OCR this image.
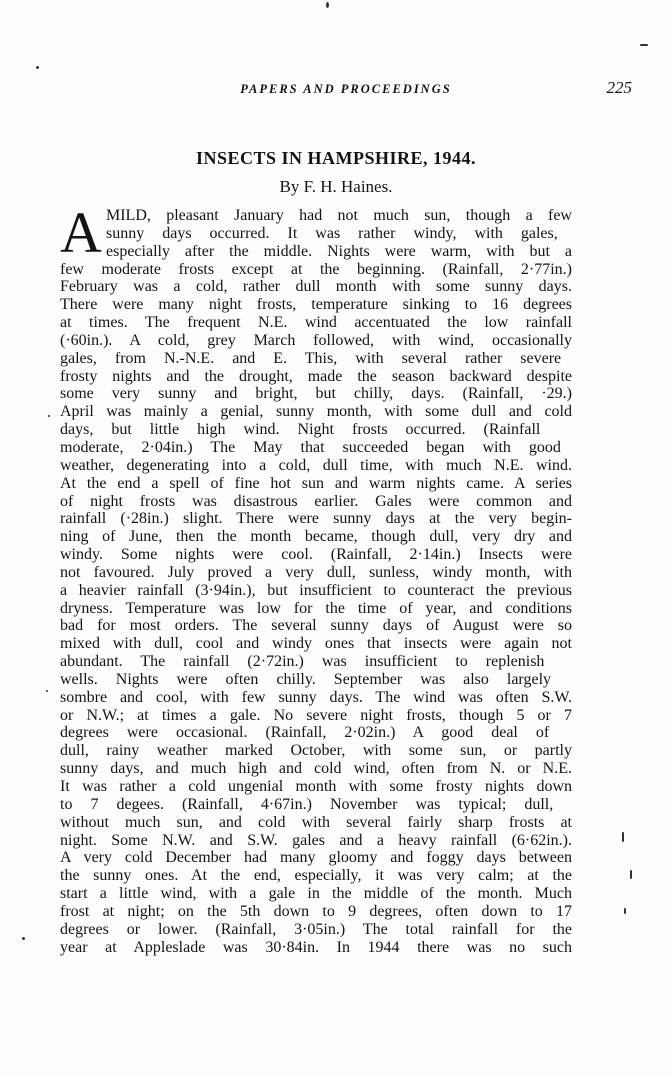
PAPERS AND PROCEEDINGS	225
INSECTS IN HAMPSHIRE, 1944.

By F. H. Haines.

A MILD, pleasant January had not much sun, though a few
sunny days occurred. It was rather windy, with gales,
especially after the middle. Nights were warm, with but a
few moderate frosts except at the beginning. (Rainfall, 2·77in.)
February was a cold, rather dull month with some sunny days.
There were many night frosts, temperature sinking to 16 degrees
at times. The frequent N.E. wind accentuated the low rainfall
(·60in.). A cold, grey March followed, with wind, occasionally
gales, from N.-N.E. and E. This, with several rather severe
frosty nights and the drought, made the season backward despite
some very sunny and bright, but chilly, days. (Rainfall, ·29.)
April was mainly a genial, sunny month, with some dull and cold
days, but little high wind. Night frosts occurred. (Rainfall
moderate, 2·04in.) The May that succeeded began with good
weather, degenerating into a cold, dull time, with much N.E. wind.
At the end a spell of fine hot sun and warm nights came. A series
of night frosts was disastrous earlier. Gales were common and
rainfall (·28in.) slight. There were sunny days at the very begin-
ning of June, then the month became, though dull, very dry and
windy. Some nights were cool. (Rainfall, 2·14in.) Insects were
not favoured. July proved a very dull, sunless, windy month, with
a heavier rainfall (3·94in.), but insufficient to counteract the previous
dryness. Temperature was low for the time of year, and conditions
bad for most orders. The several sunny days of August were so
mixed with dull, cool and windy ones that insects were again not
abundant. The rainfall (2·72in.) was insufficient to replenish
wells. Nights were often chilly. September was also largely
sombre and cool, with few sunny days. The wind was often S.W.
or N.W.; at times a gale. No severe night frosts, though 5 or 7
degrees were occasional. (Rainfall, 2·02in.) A good deal of
dull, rainy weather marked October, with some sun, or partly
sunny days, and much high and cold wind, often from N. or N.E.
It was rather a cold ungenial month with some frosty nights down
to 7 degees. (Rainfall, 4·67in.) November was typical; dull,
without much sun, and cold with several fairly sharp frosts at
night. Some N.W. and S.W. gales and a heavy rainfall (6·62in.).
A very cold December had many gloomy and foggy days between
the sunny ones. At the end, especially, it was very calm; at the
start a little wind, with a gale in the middle of the month. Much
frost at night; on the 5th down to 9 degrees, often down to 17
degrees or lower. (Rainfall, 3·05in.) The total rainfall for the
year at Appleslade was 30·84in. In 1944 there was no such
